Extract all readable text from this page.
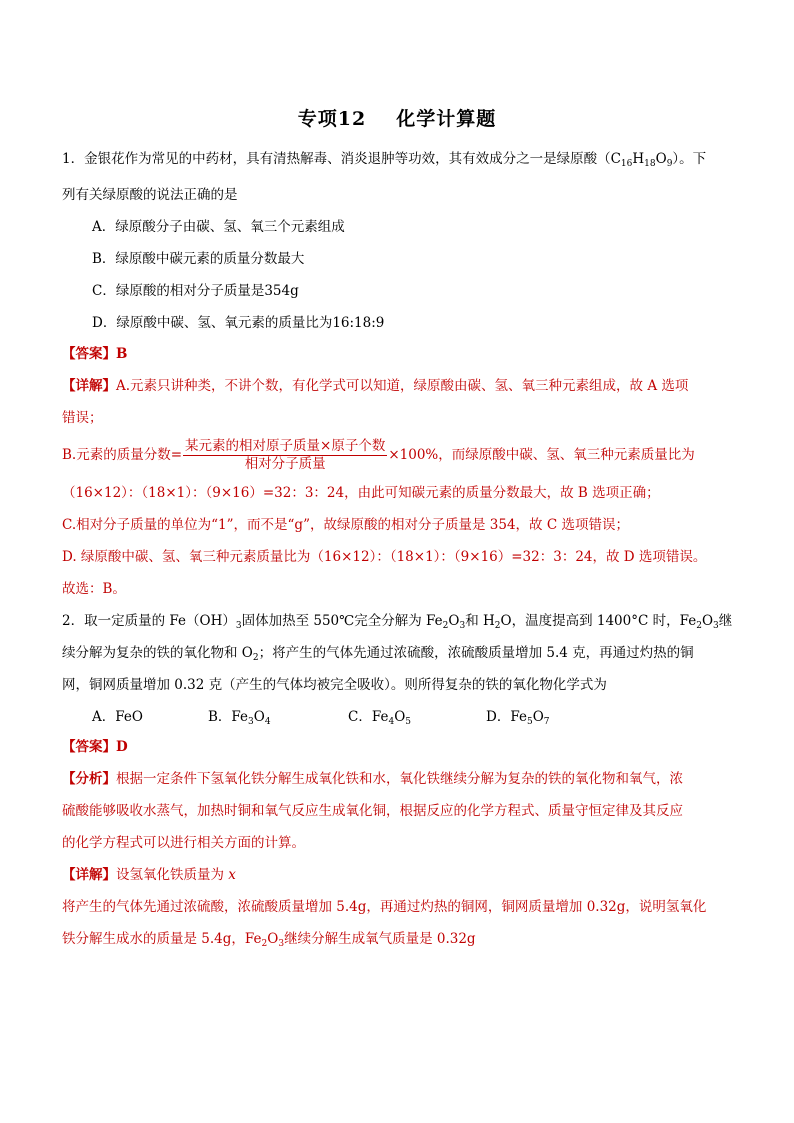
专项12 化学计算题
1．金银花作为常见的中药材，具有清热解毒、消炎退肿等功效，其有效成分之一是绿原酸$(C_{16}H_{18}O_9)$。下
列有关绿原酸的说法正确的是
A．绿原酸分子由碳、氢、氧三个元素组成
B．绿原酸中碳元素的质量分数最大
C．绿原酸的相对分子质量是354g
D．绿原酸中碳、氢、氧元素的质量比为16:18:9
【答案】B
【详解】A.元素只讲种类，不讲个数，有化学式可以知道，绿原酸由碳、氢、氧三种元素组成，故 A 选项
错误；
B.元素的质量分数= $\frac{\text{某元素的相对原子质量×原子个数}}{\text{相对分子质量}} \times 100\%$，而绿原酸中碳、氢、氧三种元素质量比为
（16×12）：（18×1）：（9×16）=32：3：24，由此可知碳元素的质量分数最大，故 B 选项正确；
C.相对分子质量的单位为“1”，而不是“g”，故绿原酸的相对分子质量是 354，故 C 选项错误；
D. 绿原酸中碳、氢、氧三种元素质量比为（16×12）：（18×1）：（9×16）=32：3：24，故 D 选项错误。
故选：B。
2．取一定质量的 $Fe(OH)_3$固体加热至 550℃完全分解为 $Fe_2O_3$和 $H_2O$，温度提高到 1400°C 时，$Fe_2O_3$继
续分解为复杂的铁的氧化物和 $O_2$；将产生的气体先通过浓硫酸，浓硫酸质量增加 5.4 克，再通过灼热的铜
网，铜网质量增加 0.32 克（产生的气体均被完全吸收）。则所得复杂的铁的氧化物化学式为
A．FeO	B．$Fe_3O_4$	C．$Fe_4O_5$	D．$Fe_5O_7$
【答案】D
【分析】根据一定条件下氢氧化铁分解生成氧化铁和水，氧化铁继续分解为复杂的铁的氧化物和氧气，浓
硫酸能够吸收水蒸气，加热时铜和氧气反应生成氧化铜，根据反应的化学方程式、质量守恒定律及其反应
的化学方程式可以进行相关方面的计算。
【详解】设氢氧化铁质量为 x
将产生的气体先通过浓硫酸，浓硫酸质量增加 5.4g，再通过灼热的铜网，铜网质量增加 0.32g，说明氢氧化
铁分解生成水的质量是 5.4g，$Fe_2O_3$继续分解生成氧气质量是 0.32g
